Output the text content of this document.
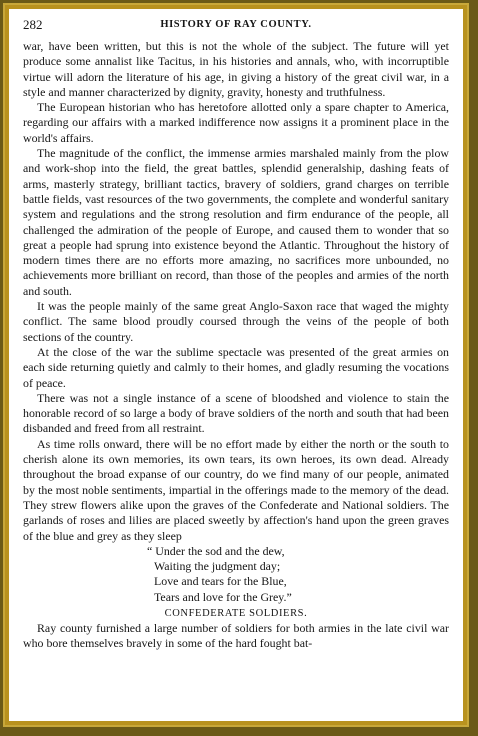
282	HISTORY OF RAY COUNTY.

war, have been written, but this is not the whole of the subject. The future will yet produce some annalist like Tacitus, in his histories and annals, who, with incorruptible virtue will adorn the literature of his age, in giving a history of the great civil war, in a style and manner characterized by dignity, gravity, honesty and truthfulness.

The European historian who has heretofore allotted only a spare chapter to America, regarding our affairs with a marked indifference now assigns it a prominent place in the world's affairs.

The magnitude of the conflict, the immense armies marshaled mainly from the plow and work-shop into the field, the great battles, splendid generalship, dashing feats of arms, masterly strategy, brilliant tactics, bravery of soldiers, grand charges on terrible battle fields, vast resources of the two governments, the complete and wonderful sanitary system and regulations and the strong resolution and firm endurance of the people, all challenged the admiration of the people of Europe, and caused them to wonder that so great a people had sprung into existence beyond the Atlantic. Throughout the history of modern times there are no efforts more amazing, no sacrifices more unbounded, no achievements more brilliant on record, than those of the peoples and armies of the north and south.

It was the people mainly of the same great Anglo-Saxon race that waged the mighty conflict. The same blood proudly coursed through the veins of the people of both sections of the country.

At the close of the war the sublime spectacle was presented of the great armies on each side returning quietly and calmly to their homes, and gladly resuming the vocations of peace.

There was not a single instance of a scene of bloodshed and violence to stain the honorable record of so large a body of brave soldiers of the north and south that had been disbanded and freed from all restraint.

As time rolls onward, there will be no effort made by either the north or the south to cherish alone its own memories, its own tears, its own heroes, its own dead. Already throughout the broad expanse of our country, do we find many of our people, animated by the most noble sentiments, impartial in the offerings made to the memory of the dead. They strew flowers alike upon the graves of the Confederate and National soldiers. The garlands of roses and lilies are placed sweetly by affection's hand upon the green graves of the blue and grey as they sleep

“ Under the sod and the dew,
Waiting the judgment day;
Love and tears for the Blue,
Tears and love for the Grey.”
CONFEDERATE SOLDIERS.

Ray county furnished a large number of soldiers for both armies in the late civil war who bore themselves bravely in some of the hard fought bat-
